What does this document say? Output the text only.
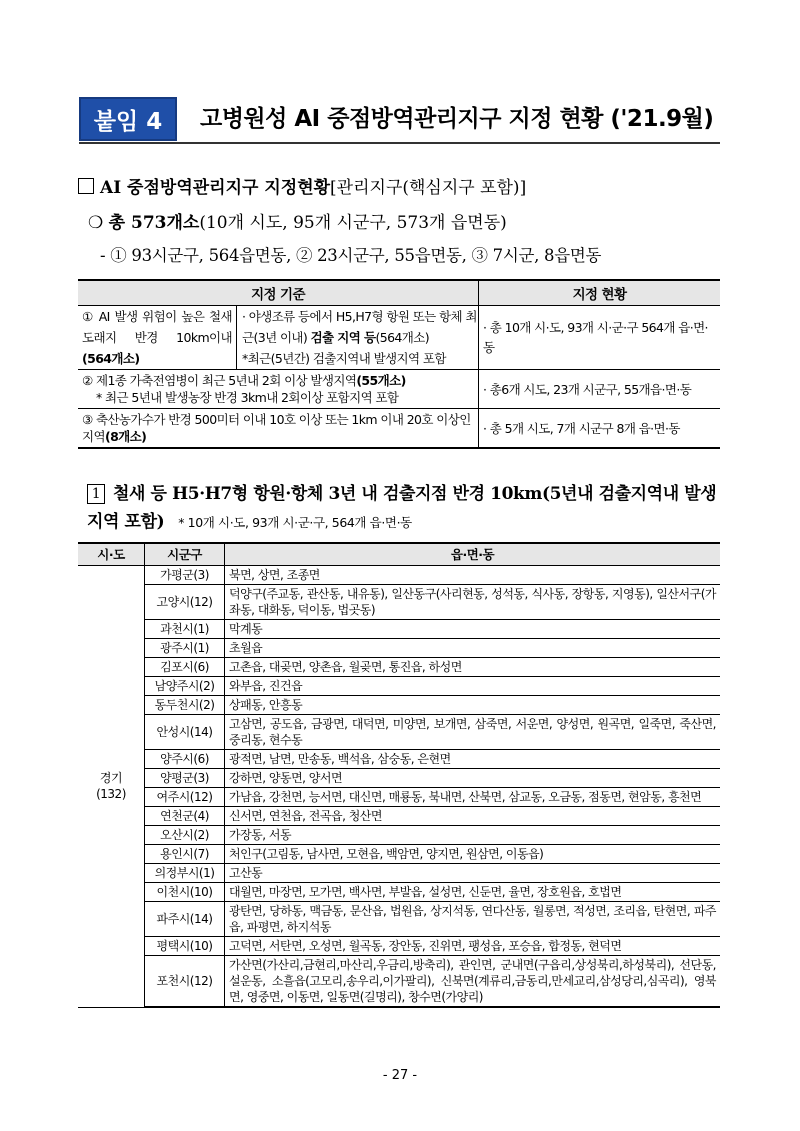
붙임 4	고병원성 AI 중점방역관리지구 지정 현황 ('21.9월)
AI 중점방역관리지구 지정현황[관리지구(핵심지구 포함)]
❍ 총 573개소(10개 시도, 95개 시군구, 573개 읍면동)
- ① 93시군구, 564읍면동, ② 23시군구, 55읍면동, ③ 7시군, 8읍면동
지정 기준	지정 현황

① AI 발생 위험이 높은 철새도래지 반경 10km이내 (564개소)
· 야생조류 등에서 H5,H7형 항원 또는 항체 최근(3년 이내) 검출 지역 등(564개소)
*최근(5년간) 검출지역내 발생지역 포함	· 총 10개 시·도, 93개 시·군·구 564개 읍·면·동
② 제1종 가축전염병이 최근 5년내 2회 이상 발생지역(55개소)
* 최근 5년내 발생농장 반경 3km내 2회이상 포함지역 포함	· 총6개 시도, 23개 시군구, 55개읍·면·동
③ 축산농가수가 반경 500미터 이내 10호 이상 또는 1km 이내 20호 이상인 지역(8개소)	· 총 5개 시도, 7개 시군구 8개 읍·면·동
1 철새 등 H5·H7형 항원·항체 3년 내 검출지점 반경 10km(5년내 검출지역내 발생지역 포함) * 10개 시·도, 93개 시·군·구, 564개 읍·면·동
시·도	시군구	읍·면·동

경기
(132)	가평군(3)	북면, 상면, 조종면
	고양시(12)	덕양구(주교동, 관산동, 내유동), 일산동구(사리현동, 성석동, 식사동, 장항동, 지영동), 일산서구(가좌동, 대화동, 덕이동, 법곳동)
	과천시(1)	막계동
	광주시(1)	초월읍
	김포시(6)	고촌읍, 대곶면, 양촌읍, 월곶면, 통진읍, 하성면
	남양주시(2)	와부읍, 진건읍
	동두천시(2)	상패동, 안흥동
	안성시(14)	고삼면, 공도읍, 금광면, 대덕면, 미양면, 보개면, 삼죽면, 서운면, 양성면, 원곡면, 일죽면, 죽산면, 중리동, 현수동
	양주시(6)	광적면, 남면, 만송동, 백석읍, 삼숭동, 은현면
	양평군(3)	강하면, 양동면, 양서면
	여주시(12)	가남읍, 강천면, 능서면, 대신면, 매룡동, 북내면, 산북면, 삼교동, 오금동, 점동면, 현암동, 흥천면
	연천군(4)	신서면, 연천읍, 전곡읍, 청산면
	오산시(2)	가장동, 서동
	용인시(7)	처인구(고림동, 남사면, 모현읍, 백암면, 양지면, 원삼면, 이동읍)
	의정부시(1)	고산동
	이천시(10)	대월면, 마장면, 모가면, 백사면, 부발읍, 설성면, 신둔면, 율면, 장호원읍, 호법면
	파주시(14)	광탄면, 당하동, 맥금동, 문산읍, 법원읍, 상지석동, 연다산동, 월롱면, 적성면, 조리읍, 탄현면, 파주읍, 파평면, 하지석동
	평택시(10)	고덕면, 서탄면, 오성면, 월곡동, 장안동, 진위면, 팽성읍, 포승읍, 합정동, 현덕면
	포천시(12)	가산면(가산리,금현리,마산리,우금리,방축리), 관인면, 군내면(구읍리,상성북리,하성북리), 선단동, 설운동, 소흘읍(고모리,송우리,이가팔리), 신북면(계류리,금동리,만세교리,삼성당리,심곡리), 영북면, 영중면, 이동면, 일동면(길명리), 창수면(가양리)
- 27 -
